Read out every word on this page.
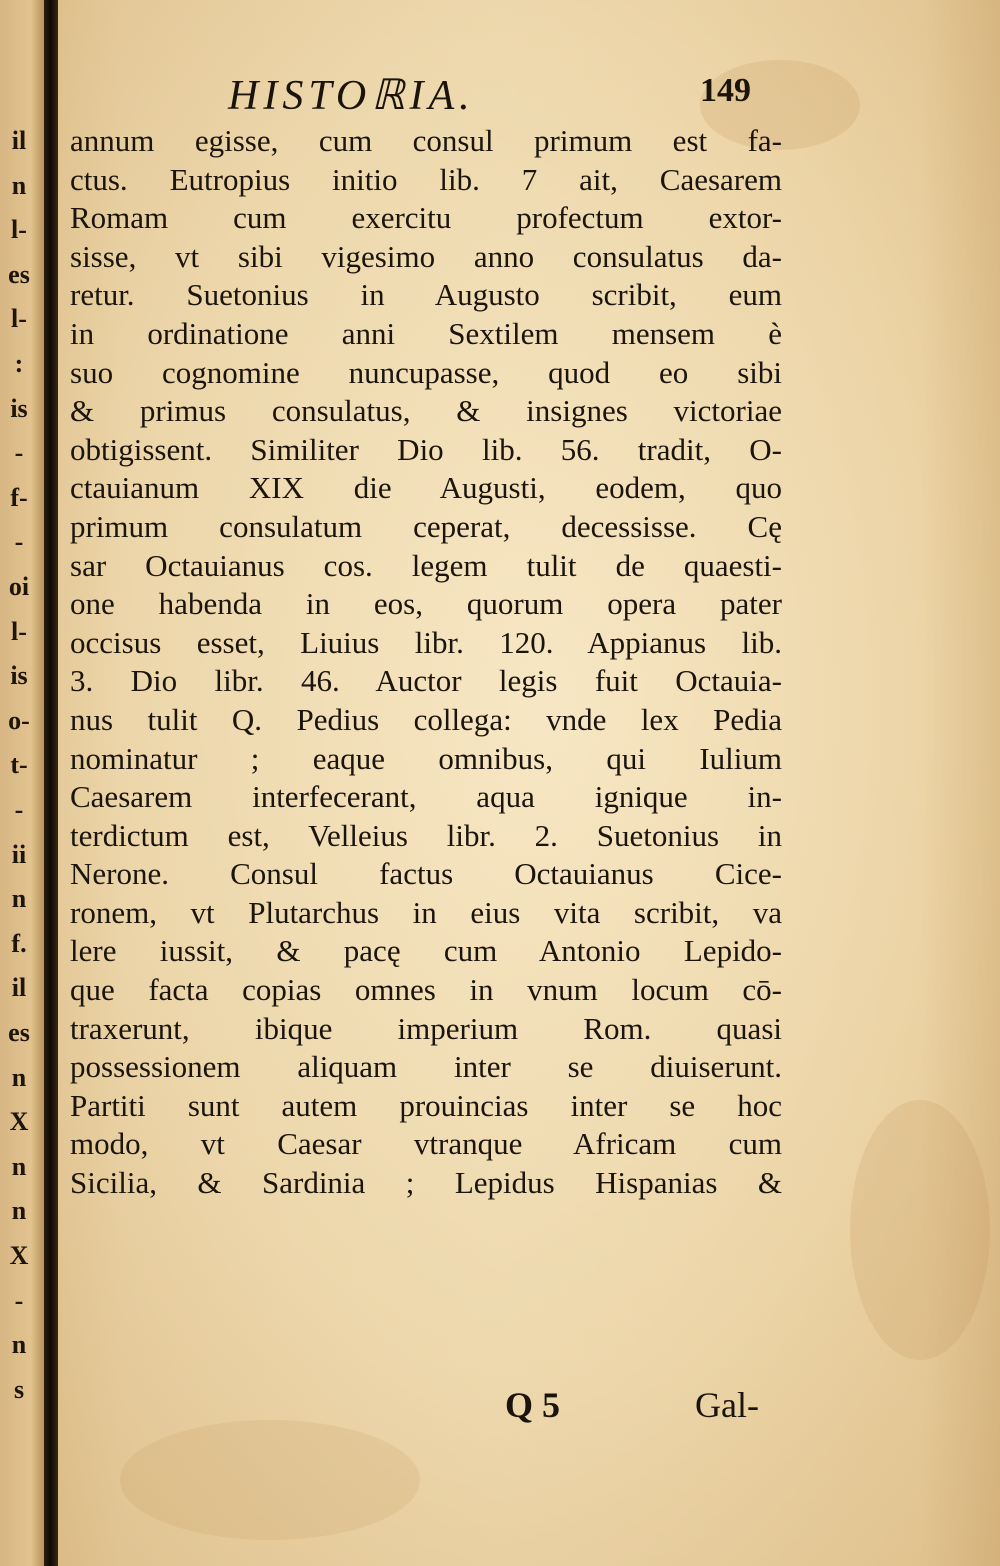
il
n
l-
es
l-
:
is
-
f-
-
oi
l-
is
o-
t-
-
ii
n
f.
il
es
n
X
n
n
X
-
n
s
HISTOℝIA.	149
annum egisse, cum consul primum est fa-
ctus. Eutropius initio lib. 7 ait, Caesarem
Romam cum exercitu profectum extor-
sisse, vt sibi vigesimo anno consulatus da-
retur. Suetonius in Augusto scribit, eum
in ordinatione anni Sextilem mensem è
suo cognomine nuncupasse, quod eo sibi
& primus consulatus, & insignes victoriae
obtigissent. Similiter Dio lib. 56. tradit, O-
ctauianum XIX die Augusti, eodem, quo
primum consulatum ceperat, decessisse. Cę
sar Octauianus cos. legem tulit de quaesti-
one habenda in eos, quorum opera pater
occisus esset, Liuius libr. 120. Appianus lib.
3. Dio libr. 46. Auctor legis fuit Octauia-
nus tulit Q. Pedius collega: vnde lex Pedia
nominatur ; eaque omnibus, qui Iulium
Caesarem interfecerant, aqua ignique in-
terdictum est, Velleius libr. 2. Suetonius in
Nerone. Consul factus Octauianus Cice-
ronem, vt Plutarchus in eius vita scribit, va
lere iussit, & pacę cum Antonio Lepido-
que facta copias omnes in vnum locum cō-
traxerunt, ibique imperium Rom. quasi
possessionem aliquam inter se diuiserunt.
Partiti sunt autem prouincias inter se hoc
modo, vt Caesar vtranque Africam cum
Sicilia, & Sardinia ; Lepidus Hispanias &
Q 5	Gal-
